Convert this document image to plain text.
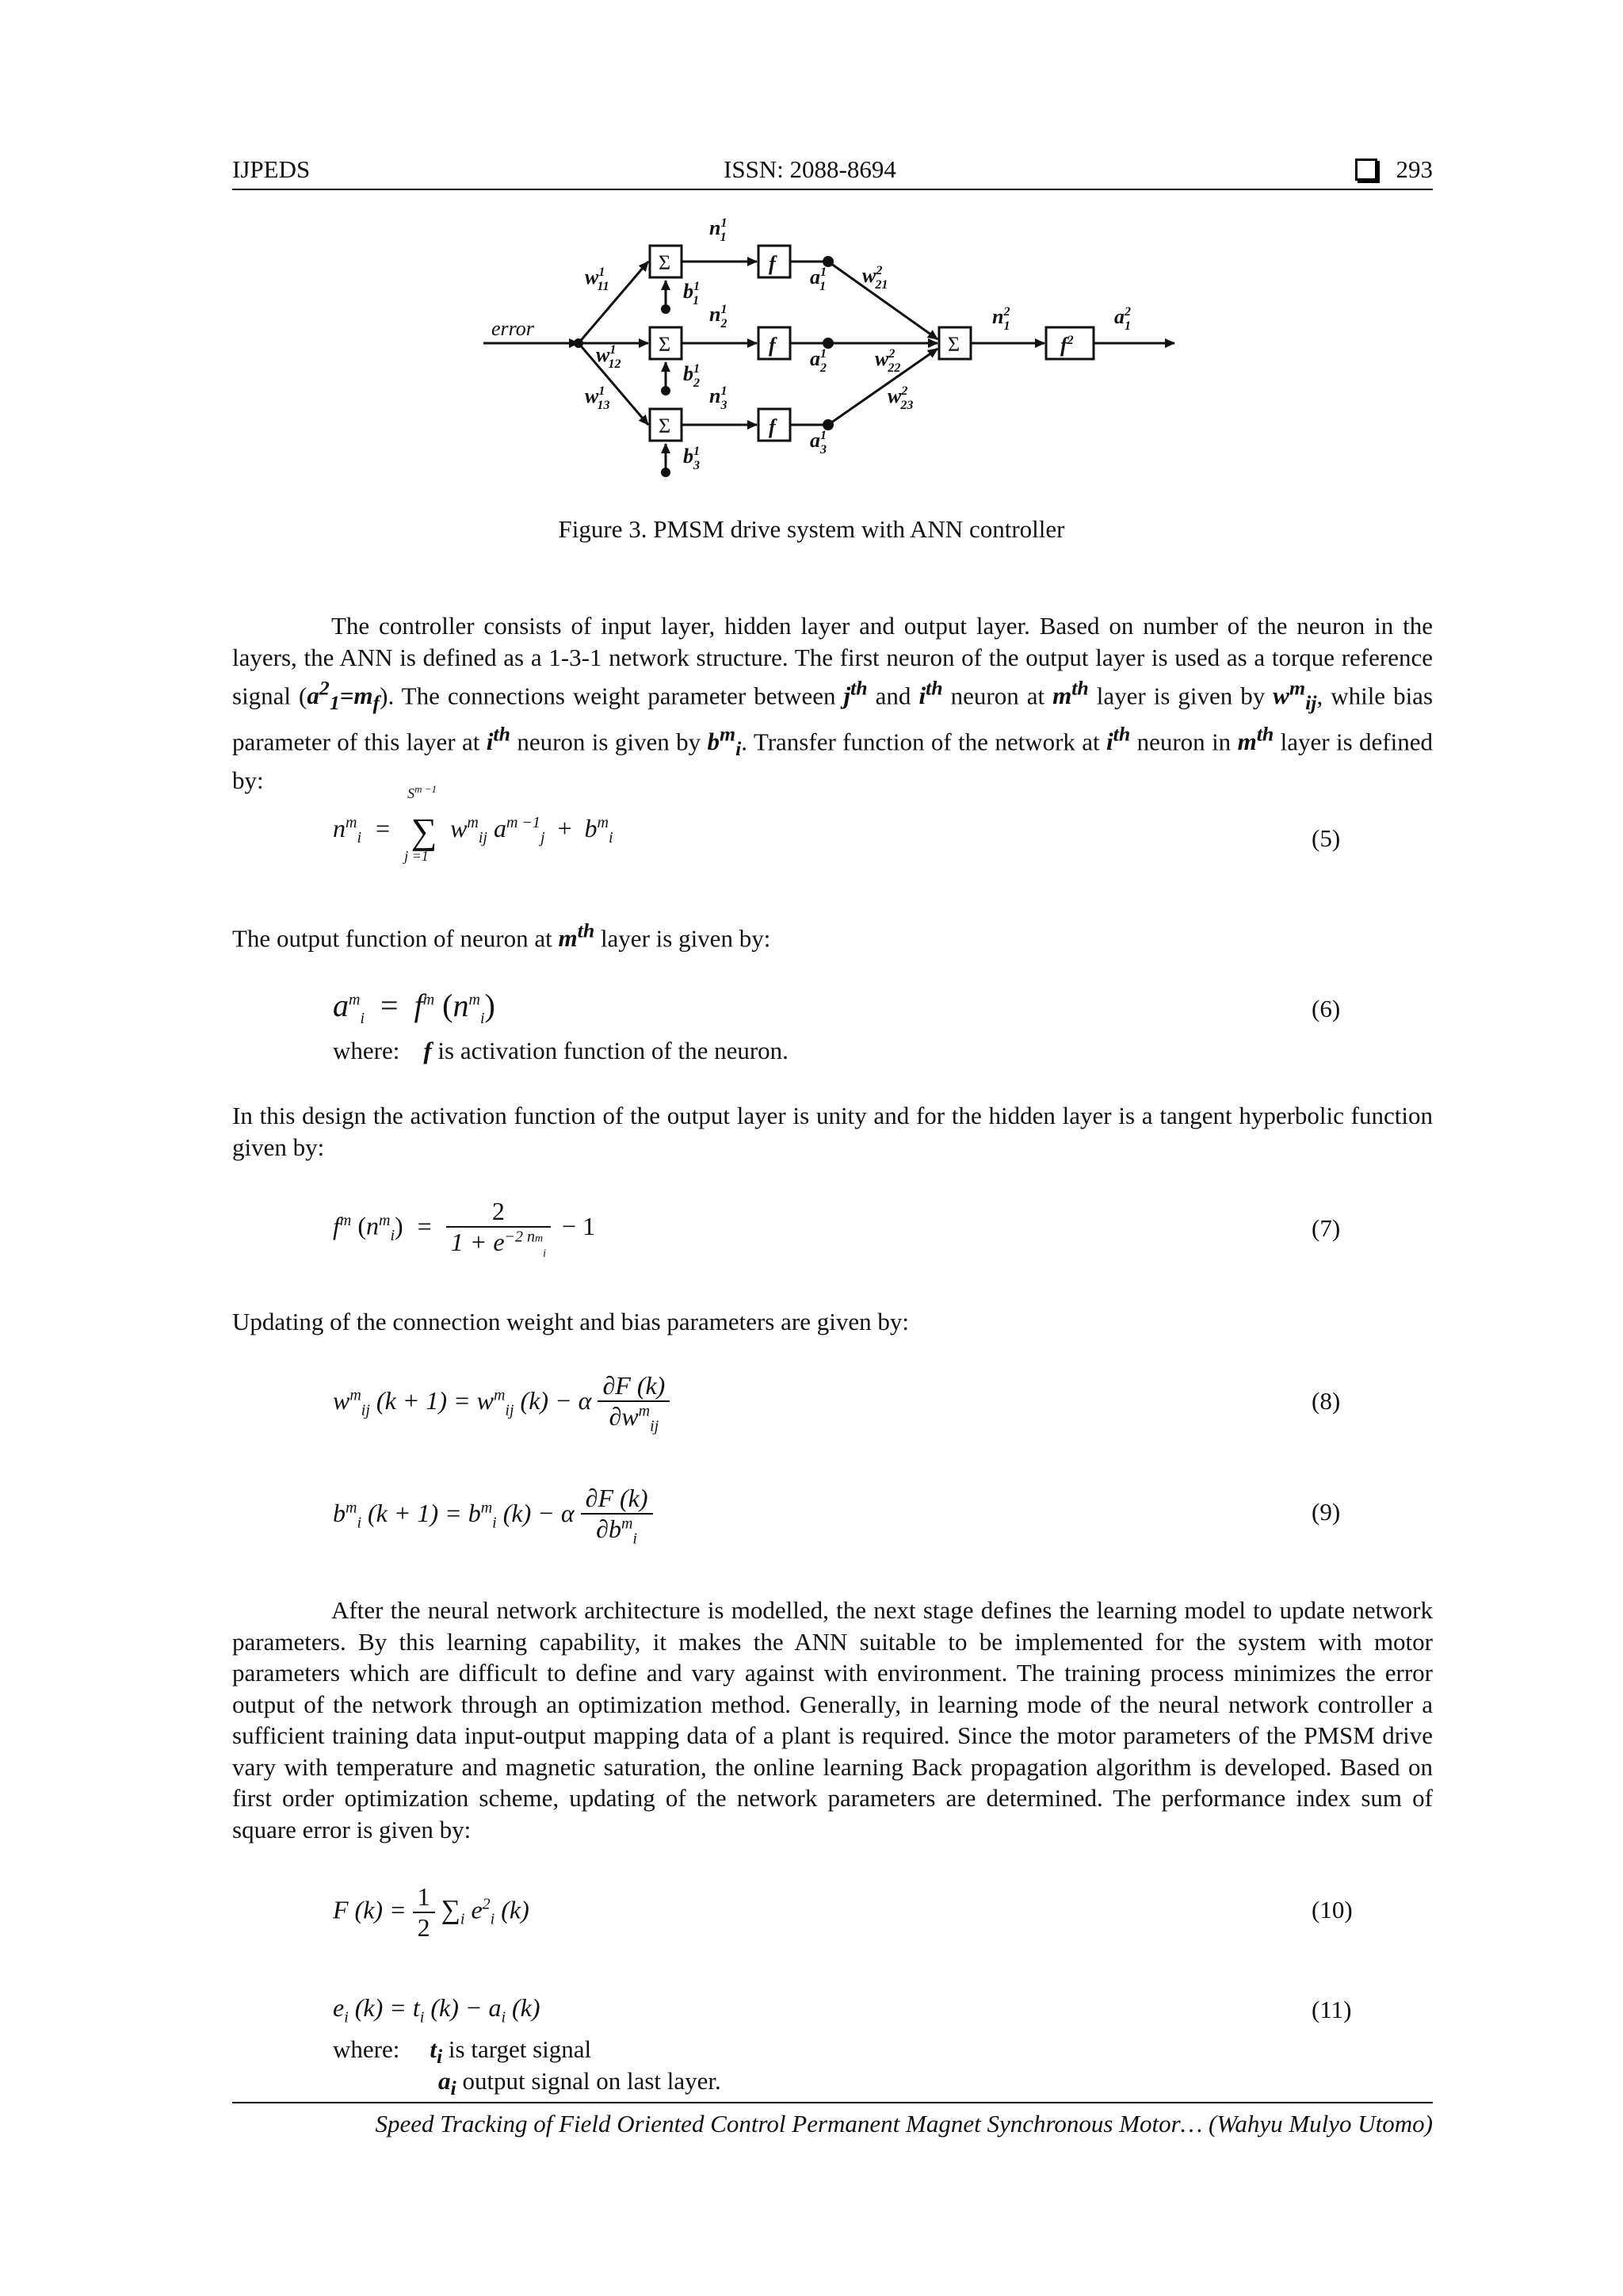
IJPEDS	ISSN: 2088-8694	293
error
Σ
Σ
Σ
Σ
f
f
f
$f^2$
$w^1$ 11
$w^1$ 12
$w^1$ 13
$b^1$ 1
$b^1$ 2
$b^1$ 3
$n^1$ 1
$n^1$ 2
$n^1$ 3
$a^1$ 1
$a^1$ 2
$a^1$ 3
$w^2$ 21
$w^2$ 22
$w^2$ 23
$n^2$ 1	$a^2$ 1
Figure 3. PMSM drive system with ANN controller
The controller consists of input layer, hidden layer and output layer. Based on number of the neuron in the layers, the ANN is defined as a 1-3-1 network structure. The first neuron of the output layer is used as a torque reference signal $(a^2_1=m_f)$. The connections weight parameter between $j^{th}$ and $i^{th}$ neuron at $m^{th}$ layer is given by $w^m_{ij}$, while bias parameter of this layer at $i^{th}$ neuron is given by $b^m_i$. Transfer function of the network at $i^{th}$ neuron in $m^{th}$ layer is defined by:
$n^m_i$ =
$S^{m -1}$
∑
j =1
$w^m_{ij}$ $a^{m -1}_j + b^m_i$	(5)
The output function of neuron at $m^{th}$ layer is given by:
$a^m_i = f^m$ $(n^m_i)$	(6)
where: f is activation function of the neuron.
In this design the activation function of the output layer is unity and for the hidden layer is a tangent hyperbolic function given by:
$f^m$ $(n^m_i) = \frac{2}{1 + e^{-2 nm}_i} - 1$	(7)
Updating of the connection weight and bias parameters are given by:
$w^m_{ij}$ $(k + 1) = w^m_{ij}$ (k) − α $\frac{\partial F (k)}{\partial w^m_{ij}}$	(8)
$b^m_i$ $(k + 1) = b^m_i$ (k) − α $\frac{\partial F (k)}{\partial b^m_i}$	(9)
After the neural network architecture is modelled, the next stage defines the learning model to update network parameters. By this learning capability, it makes the ANN suitable to be implemented for the system with motor parameters which are difficult to define and vary against with environment. The training process minimizes the error output of the network through an optimization method. Generally, in learning mode of the neural network controller a sufficient training data input-output mapping data of a plant is required. Since the motor parameters of the PMSM drive vary with temperature and magnetic saturation, the online learning Back propagation algorithm is developed. Based on first order optimization scheme, updating of the network parameters are determined. The performance index sum of square error is given by:
F $(k) = \frac{1}{2} \sum_i$ $e^2_i$ (k)	(10)
$e_i$ $(k) = t_i$ $(k) - a_i$ (k)	(11)
where: $t_i$ is target signal
$a_i$ output signal on last layer.
Speed Tracking of Field Oriented Control Permanent Magnet Synchronous Motor… (Wahyu Mulyo Utomo)
